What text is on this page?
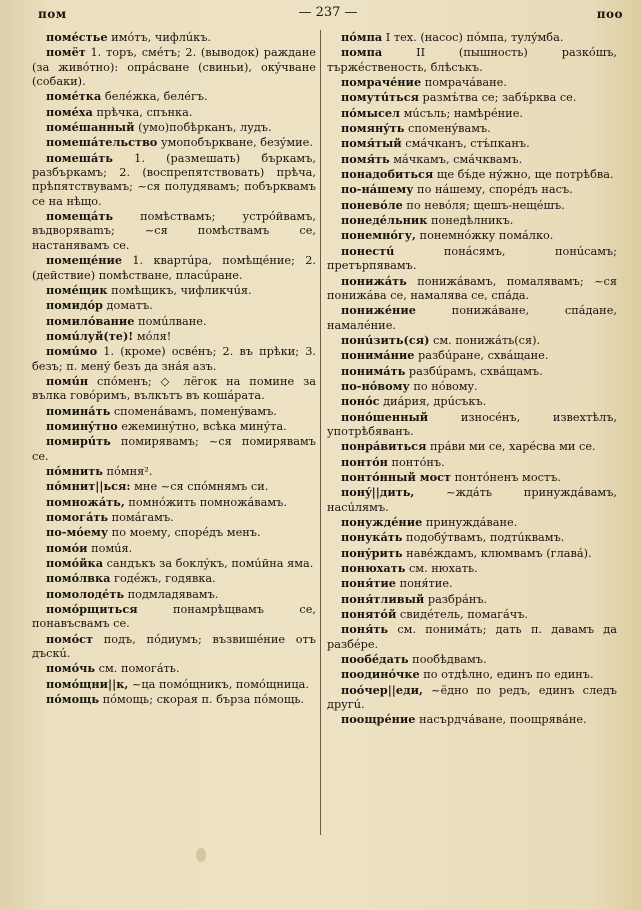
пом	— 237 —	поо

помéстье имóтъ, чифлúкъ.

помёт 1. торъ, смéтъ; 2. (выводок) ражданe (за живóтно): опрáсване (свиньи), окýчване (собаки).

помéтка белéжка, белéгъ.

помéха прѣчка, спънка.

помéшанный (умо)побѣрканъ, лудъ.

помешáтельство умопобъркване, безýмие.

помешáть 1. (размешать) бъркамъ, разбъркамъ; 2. (воспрепятствовать) прѣча, прѣпятствувамъ; ~ся полудявамъ; побърквамъ се на нѣщо.

помещáть помѣствамъ; устрóйвамъ, въдвоpяваmъ; ~ся помѣствамъ се, настанявамъ се.

помещéние 1. квартúра, помѣщéние; 2. (действие) помѣстване, пласúране.

помéщик помѣщикъ, чифликчúя.

помидóр доматъ.

помилóвание помúлване.

помúлуй(те)! мóля!

помúмо 1. (кроме) освéнъ; 2. въ прѣки; 3. безъ; п. менý безъ да знáя азъ.

помúн спóменъ; ◇ лёгок на помине за вълка говóримъ, вълкътъ въ кошáрата.

поминáть споменáвамъ, поменýвамъ.

поминýтно ежеминýтно, всѣка минýта.

помирúть помирявамъ; ~ся помирявамъ се.

пóмнить пóмня².

пóмнит||ься: мне ~ся спóмнямъ си.

помножáть, помнóжить помножáвамъ.

помогáть помáгамъ.

по-мóему по моему, спорéдъ менъ.

помóи помúя.

помóйка сандъкъ за боклýкъ, помúйна яма.

помóлвка годéжъ, годявка.

помолодéть подмладявамъ.

помóрщиться понамрѣщвамъ се, понавъсвамъ се.

помóст подъ, пóдиумъ; възвишéние отъ дъскú.

помóчь см. помогáть.

помóщни||к, ~ца помóщникъ, помóщница.

пóмощь пóмощь; скорая п. бърза пóмощь.

пóмпа I тех. (насос) пóмпа, тулýмба.

помпа II (пышность) разкóшъ, тържéственость, блѣсъкъ.

помрачéние помрачáване.

помутúться размъ́тва се; забъ́рква се.

пóмысел мúсъль; намѣрéние.

помянýть споменýвамъ.

помя́тый смáчканъ, стъ́пканъ.

помя́ть мáчкамъ, смáчквамъ.

понадобиться ще бъ́де нýжно, ще потрѣбва.

по-нáшему по нáшему, спорéдъ насъ.

поневóле по невóля; щешъ-нещéшъ.

понедéльник понедѣлникъ.

понемнóгу, понемнóжку помáлко.

понестú понáсямъ, понúсамъ; претърпявамъ.

понижáть понижáвамъ, помалявамъ; ~ся понижáва се, намалява се, спáда.

понижéние понижáване, спáдане, намалéние.

понúзить(ся) см. понижáть(ся).

понимáние разбúране, схвáщане.

понимáть разбúрамъ, схвáщамъ.

по-нóвому по нóвому.

понóс диáрия, дрúсъкъ.

понóшенный износéнъ, извехтѣлъ, употрѣбяванъ.

понрáвиться прáви ми се, харéсва ми се.

понтóн понтóнъ.

понтóнный мост понтóненъ мостъ.

понý||дить, ~ждáть принуждáвамъ, насúлямъ.

понуждéние принуждáване.

понукáть подобýтвамъ, подтúквамъ.

понýрить навéждамъ, клюмвамъ (главá).

понюхать см. нюхать.

поня́тие поня́тие.

поня́тливый разбрáнъ.

понятóй свидéтель, помагáчъ.

поня́ть см. понимáть; дать п. давамъ да разбéре.

пообéдать пообѣдвамъ.

поодинóчке по отдѣлно, единъ по единъ.

поóчер||еди, ~ёдно по редъ, единъ следъ другú.

поощрéние насърдчáване, поощрявáне.
